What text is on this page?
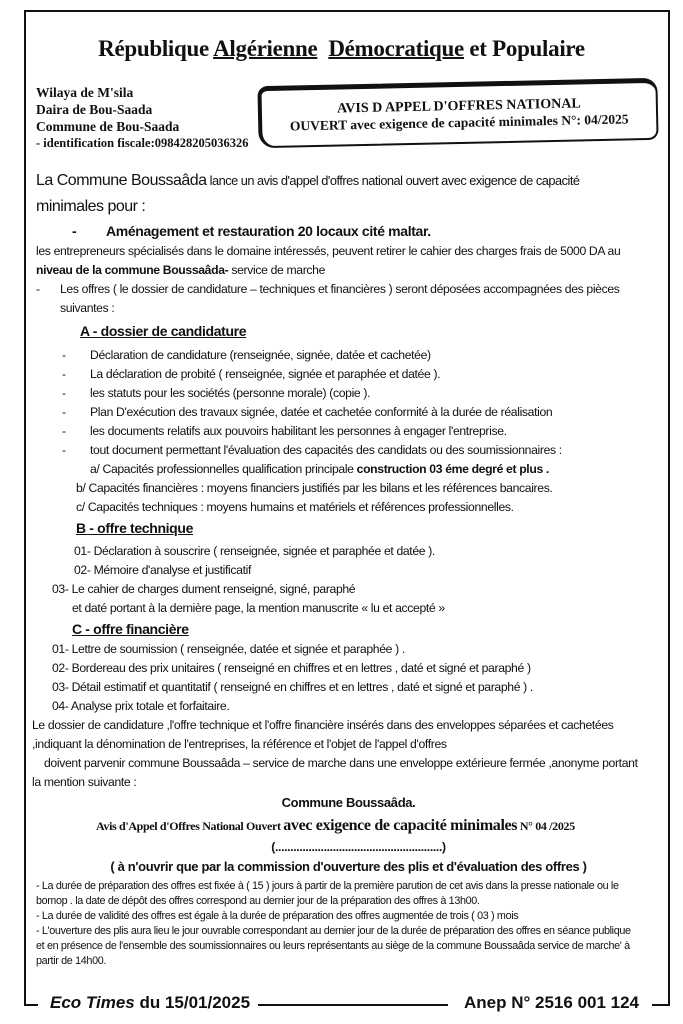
République Algérienne Démocratique et Populaire
Wilaya de M'sila
Daira de Bou-Saada
Commune de Bou-Saada
- identification fiscale:098428205036326
AVIS D APPEL D'OFFRES NATIONAL
OUVERT avec exigence de capacité minimales N°: 04/2025
La Commune Boussaâda lance un avis d'appel d'offres national ouvert avec exigence de capacité
minimales pour :
- Aménagement et restauration 20 locaux cité maltar.
les entrepreneurs spécialisés dans le domaine intéressés, peuvent retirer le cahier des charges frais de 5000 DA au
niveau de la commune Boussaâda- service de marche
- Les offres ( le dossier de candidature – techniques et financières ) seront déposées accompagnées des pièces
suivantes :
A - dossier de candidature
- Déclaration de candidature (renseignée, signée, datée et cachetée)
- La déclaration de probité ( renseignée, signée et paraphée et datée ).
- les statuts pour les sociétés (personne morale) (copie ).
- Plan D'exécution des travaux signée, datée et cachetée conformité à la durée de réalisation
- les documents relatifs aux pouvoirs habilitant les personnes à engager l'entreprise.
- tout document permettant l'évaluation des capacités des candidats ou des soumissionnaires :
a/ Capacités professionnelles qualification principale construction 03 éme degré et plus .
b/ Capacités financières : moyens financiers justifiés par les bilans et les références bancaires.
c/ Capacités techniques : moyens humains et matériels et références professionnelles.
B - offre technique
01- Déclaration à souscrire ( renseignée, signée et paraphée et datée ).
02- Mémoire d'analyse et justificatif
03- Le cahier de charges dument renseigné, signé, paraphé
et daté portant à la dernière page, la mention manuscrite « lu et accepté »
C - offre financière
01- Lettre de soumission ( renseignée, datée et signée et paraphée ) .
02- Bordereau des prix unitaires ( renseigné en chiffres et en lettres , daté et signé et paraphé )
03- Détail estimatif et quantitatif ( renseigné en chiffres et en lettres , daté et signé et paraphé ) .
04- Analyse prix totale et forfaitaire.
Le dossier de candidature ,l'offre technique et l'offre financière insérés dans des enveloppes séparées et cachetées
,indiquant la dénomination de l'entreprises, la référence et l'objet de l'appel d'offres
doivent parvenir commune Boussaâda – service de marche dans une enveloppe extérieure fermée ,anonyme portant
la mention suivante :
Commune Boussaâda.
Avis d'Appel d'Offres National Ouvert avec exigence de capacité minimales N° 04 /2025
(.......................................................)
( à n'ouvrir que par la commission d'ouverture des plis et d'évaluation des offres )
- La durée de préparation des offres est fixée à ( 15 ) jours à partir de la première parution de cet avis dans la presse nationale ou le bomop . la date de dépôt des offres correspond au dernier jour de la préparation des offres à 13h00.
- La durée de validité des offres est égale à la durée de préparation des offres augmentée de trois ( 03 ) mois
- L'ouverture des plis aura lieu le jour ouvrable correspondant au dernier jour de la durée de préparation des offres en séance publique et en présence de l'ensemble des soumissionnaires ou leurs représentants au siège de la commune Boussaâda service de marche' à partir de 14h00.
Eco Times du 15/01/2025	Anep N° 2516 001 124
